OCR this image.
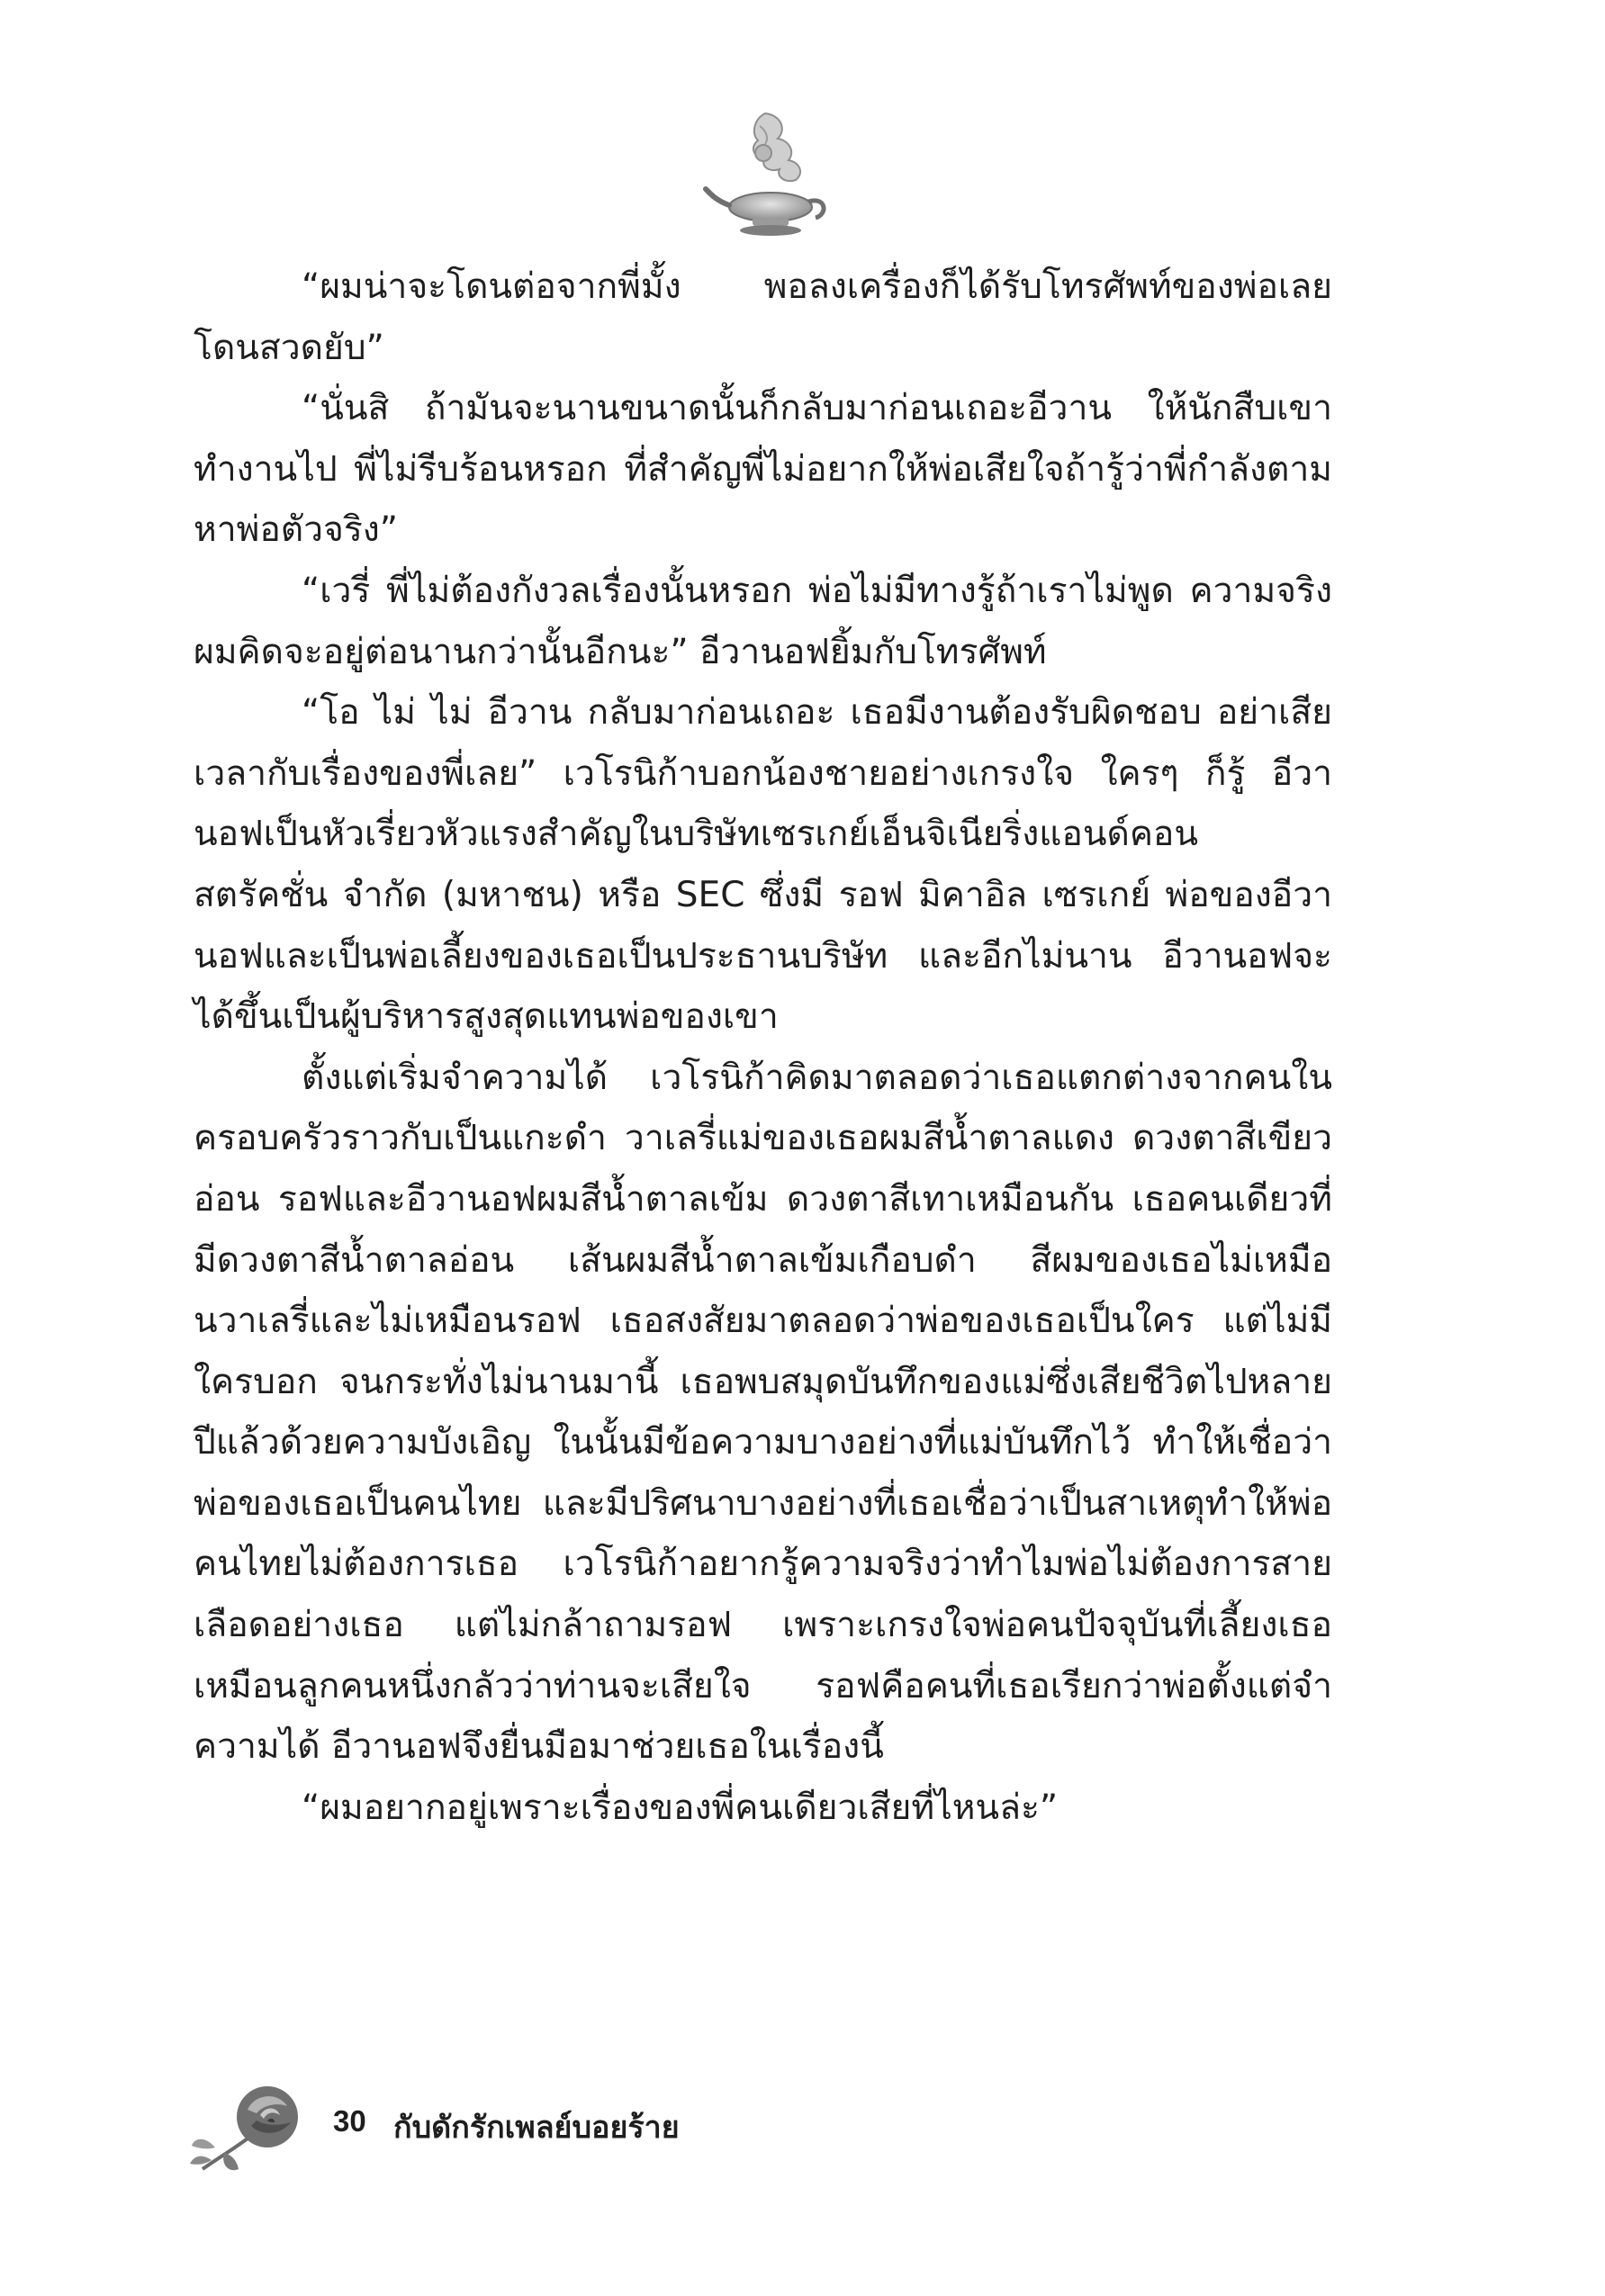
“ผมน่าจะโดนต่อจากพี่มั้ง พอลงเครื่องก็ได้รับโทรศัพท์ของพ่อเลย โดนสวดยับ”

“นั่นสิ ถ้ามันจะนานขนาดนั้นก็กลับมาก่อนเถอะอีวาน ให้นักสืบเขาทำงานไป พี่ไม่รีบร้อนหรอก ที่สำคัญพี่ไม่อยากให้พ่อเสียใจถ้ารู้ว่าพี่กำลังตามหาพ่อตัวจริง”

“เวรี่ พี่ไม่ต้องกังวลเรื่องนั้นหรอก พ่อไม่มีทางรู้ถ้าเราไม่พูด ความจริงผมคิดจะอยู่ต่อนานกว่านั้นอีกนะ” อีวานอฟยิ้มกับโทรศัพท์

“โอ ไม่ ไม่ อีวาน กลับมาก่อนเถอะ เธอมีงานต้องรับผิดชอบ อย่าเสียเวลากับเรื่องของพี่เลย” เวโรนิก้าบอกน้องชายอย่างเกรงใจ ใครๆ ก็รู้ อีวานอฟเป็นหัวเรี่ยวหัวแรงสำคัญในบริษัทเซรเกย์เอ็นจิเนียริ่งแอนด์คอนสตรัคชั่น จำกัด (มหาชน) หรือ SEC ซึ่งมี รอฟ มิคาอิล เซรเกย์ พ่อของอีวานอฟและเป็นพ่อเลี้ยงของเธอเป็นประธานบริษัท และอีกไม่นาน อีวานอฟจะได้ขึ้นเป็นผู้บริหารสูงสุดแทนพ่อของเขา

ตั้งแต่เริ่มจำความได้ เวโรนิก้าคิดมาตลอดว่าเธอแตกต่างจากคนในครอบครัวราวกับเป็นแกะดำ วาเลรี่แม่ของเธอผมสีน้ำตาลแดง ดวงตาสีเขียวอ่อน รอฟและอีวานอฟผมสีน้ำตาลเข้ม ดวงตาสีเทาเหมือนกัน เธอคนเดียวที่มีดวงตาสีน้ำตาลอ่อน เส้นผมสีน้ำตาลเข้มเกือบดำ สีผมของเธอไม่เหมือนวาเลรี่และไม่เหมือนรอฟ เธอสงสัยมาตลอดว่าพ่อของเธอเป็นใคร แต่ไม่มีใครบอก จนกระทั่งไม่นานมานี้ เธอพบสมุดบันทึกของแม่ซึ่งเสียชีวิตไปหลายปีแล้วด้วยความบังเอิญ ในนั้นมีข้อความบางอย่างที่แม่บันทึกไว้ ทำให้เชื่อว่าพ่อของเธอเป็นคนไทย และมีปริศนาบางอย่างที่เธอเชื่อว่าเป็นสาเหตุทำให้พ่อคนไทยไม่ต้องการเธอ เวโรนิก้าอยากรู้ความจริงว่าทำไมพ่อไม่ต้องการสายเลือดอย่างเธอ แต่ไม่กล้าถามรอฟ เพราะเกรงใจพ่อคนปัจจุบันที่เลี้ยงเธอเหมือนลูกคนหนึ่งกลัวว่าท่านจะเสียใจ รอฟคือคนที่เธอเรียกว่าพ่อตั้งแต่จำความได้ อีวานอฟจึงยื่นมือมาช่วยเธอในเรื่องนี้

“ผมอยากอยู่เพราะเรื่องของพี่คนเดียวเสียที่ไหนล่ะ”

30 กับดักรักเพลย์บอยร้าย
